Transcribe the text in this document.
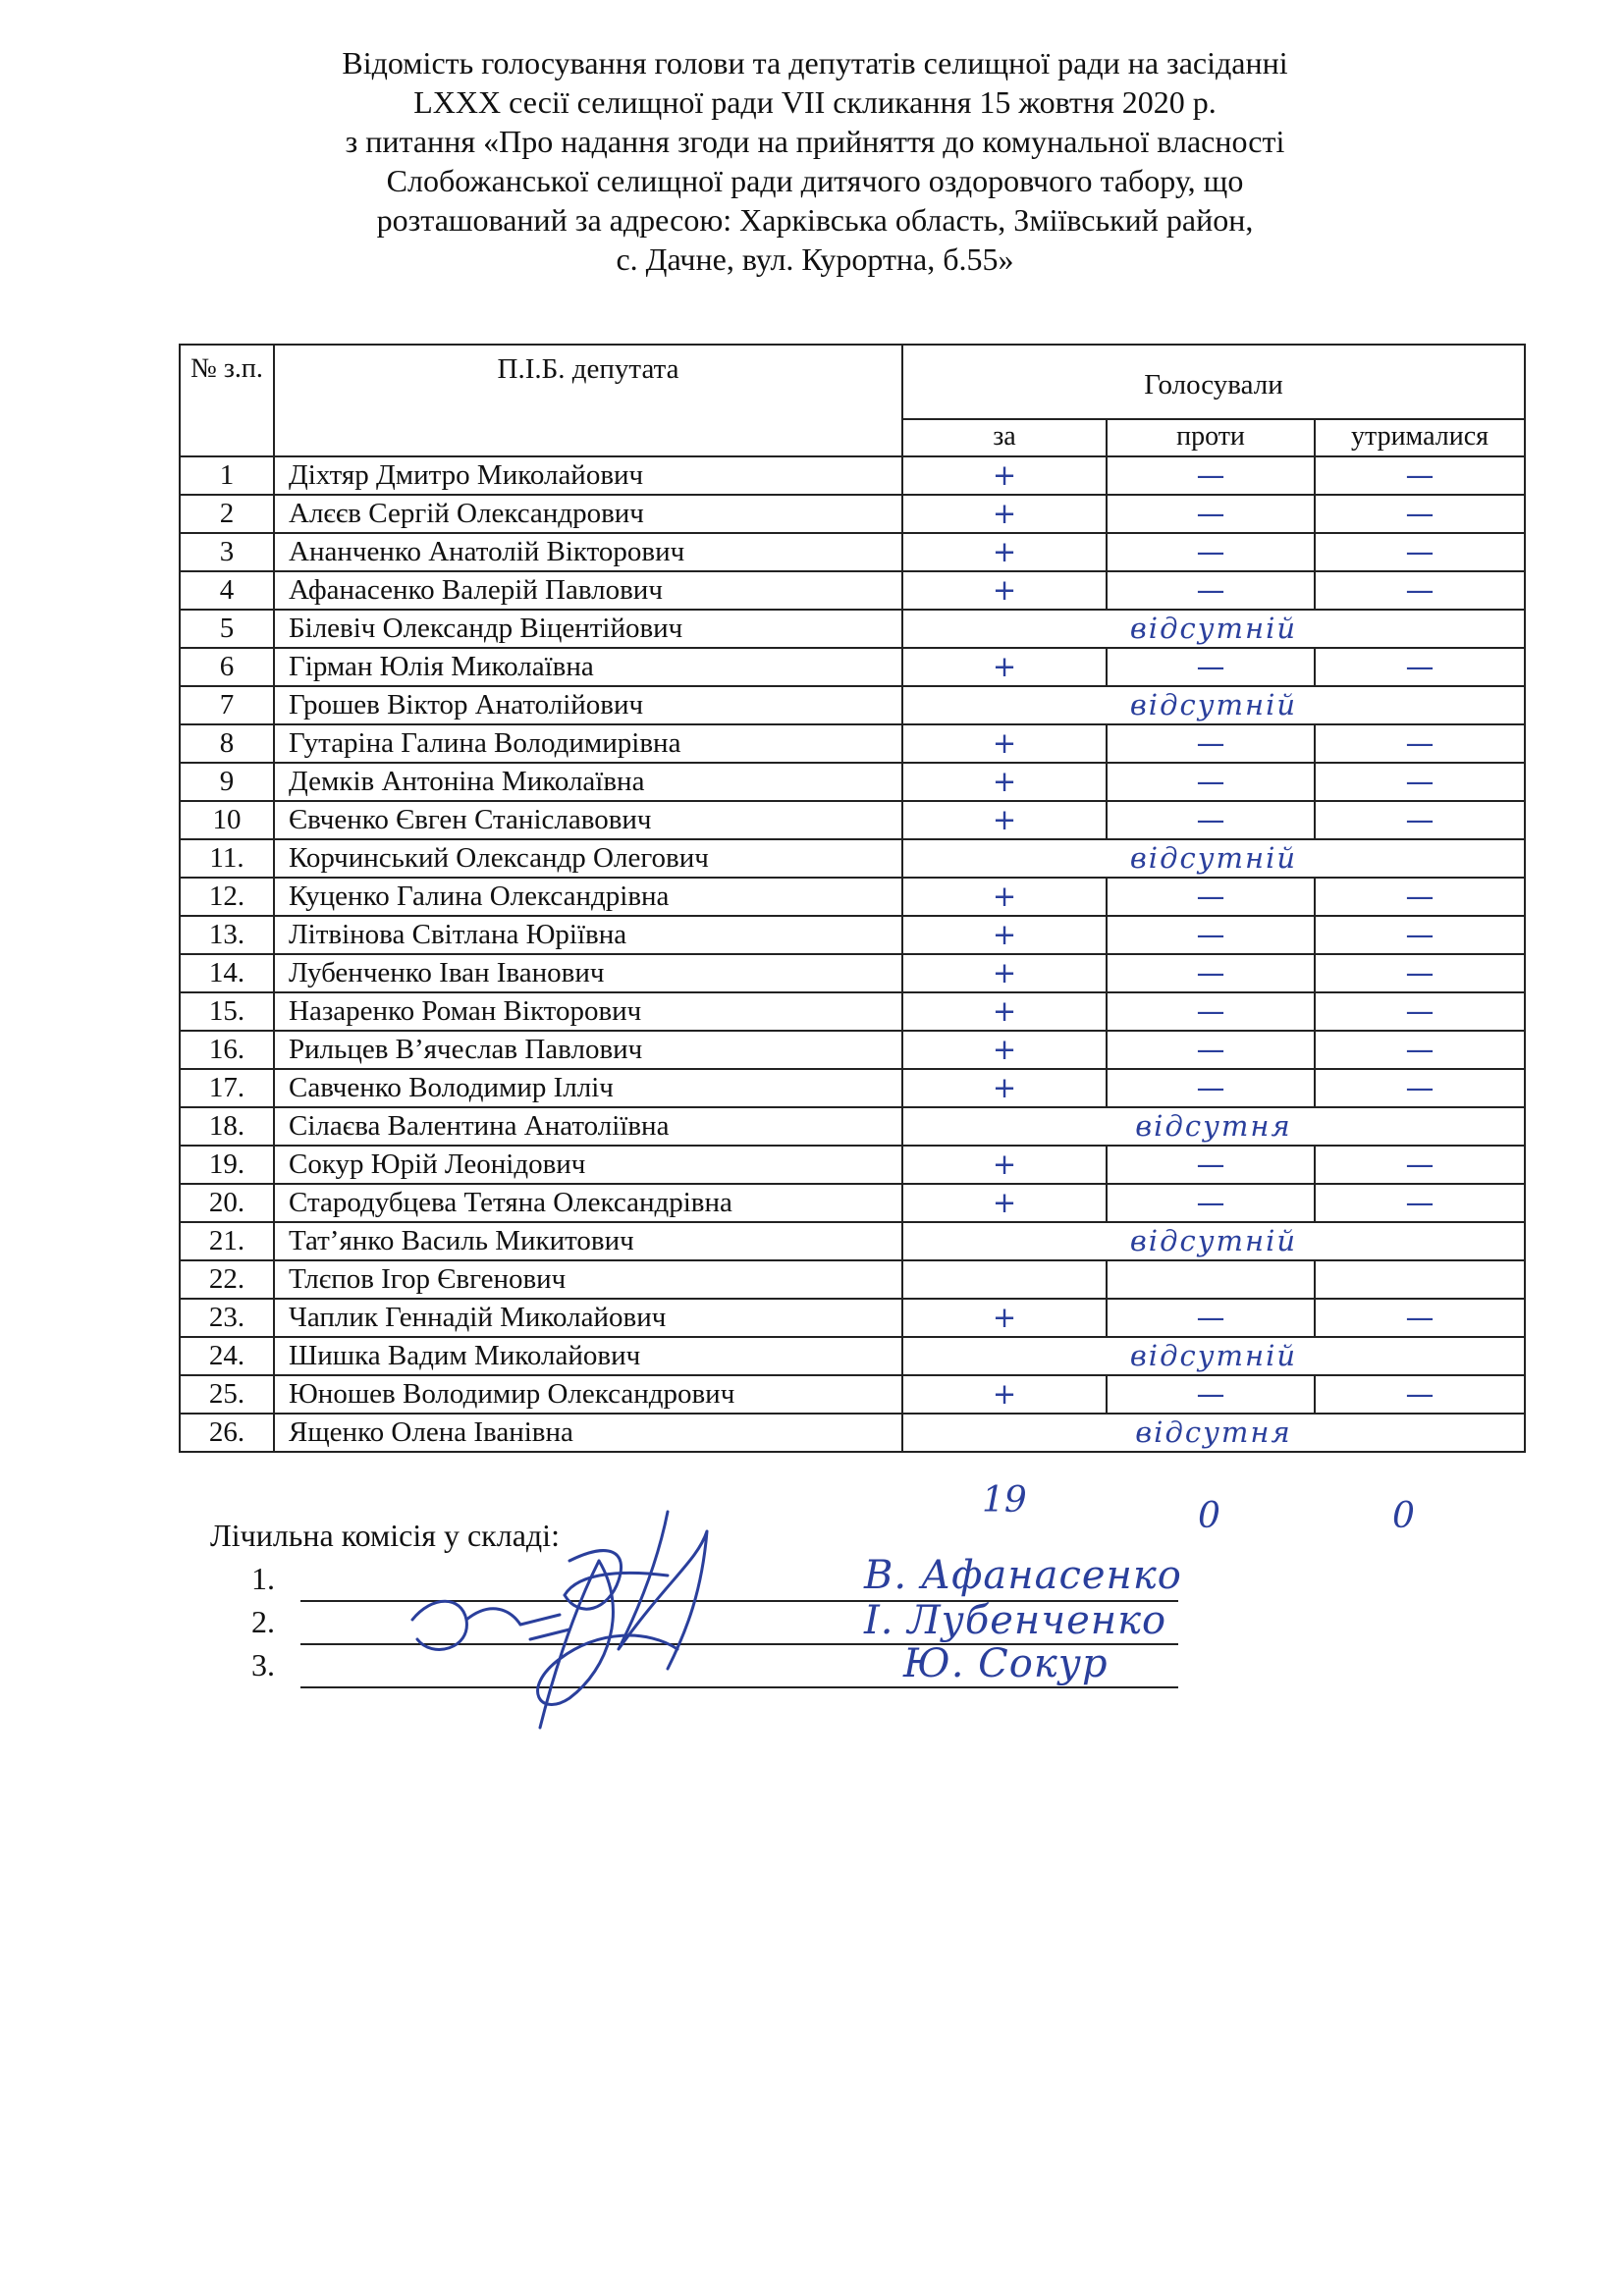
Відомість голосування голови та депутатів селищної ради на засіданні
LXXX сесії селищної ради VII скликання 15 жовтня 2020 р.
з питання «Про надання згоди на прийняття до комунальної власності
Слобожанської селищної ради дитячого оздоровчого табору, що
розташований за адресою: Харківська область, Зміївський район,
с. Дачне, вул. Курортна, б.55»
№ з.п.	П.І.Б. депутата	Голосували		
		за	проти	утрималися
1	Діхтяр Дмитро Миколайович	+	—	—
2	Алєєв Сергій Олександрович	+	—	—
3	Ананченко Анатолій Вікторович	+	—	—
4	Афанасенко Валерій Павлович	+	—	—
5	Білевіч Олександр Віцентійович	відсутній		
6	Гірман Юлія Миколаївна	+	—	—
7	Грошев Віктор Анатолійович	відсутній		
8	Гутаріна Галина Володимирівна	+	—	—
9	Демків Антоніна Миколаївна	+	—	—
10	Євченко Євген Станіславович	+	—	—
11.	Корчинський Олександр Олегович	відсутній		
12.	Куценко Галина Олександрівна	+	—	—
13.	Літвінова Світлана Юріївна	+	—	—
14.	Лубенченко Іван Іванович	+	—	—
15.	Назаренко Роман Вікторович	+	—	—
16.	Рильцев В’ячеслав Павлович	+	—	—
17.	Савченко Володимир Ілліч	+	—	—
18.	Сілаєва Валентина Анатоліївна	відсутня		
19.	Сокур Юрій Леонідович	+	—	—
20.	Стародубцева Тетяна Олександрівна	+	—	—
21.	Тат’янко Василь Микитович	відсутній		
22.	Тлєпов Ігор Євгенович			
23.	Чаплик Геннадій Миколайович	+	—	—
24.	Шишка Вадим Миколайович	відсутній		
25.	Юношев Володимир Олександрович	+	—	—
26.	Ященко Олена Іванівна	відсутня		
19	0	0
Лічильна комісія у складі:
1.	В. Афанасенко
2.	І. Лубенченко
3.	Ю. Сокур
